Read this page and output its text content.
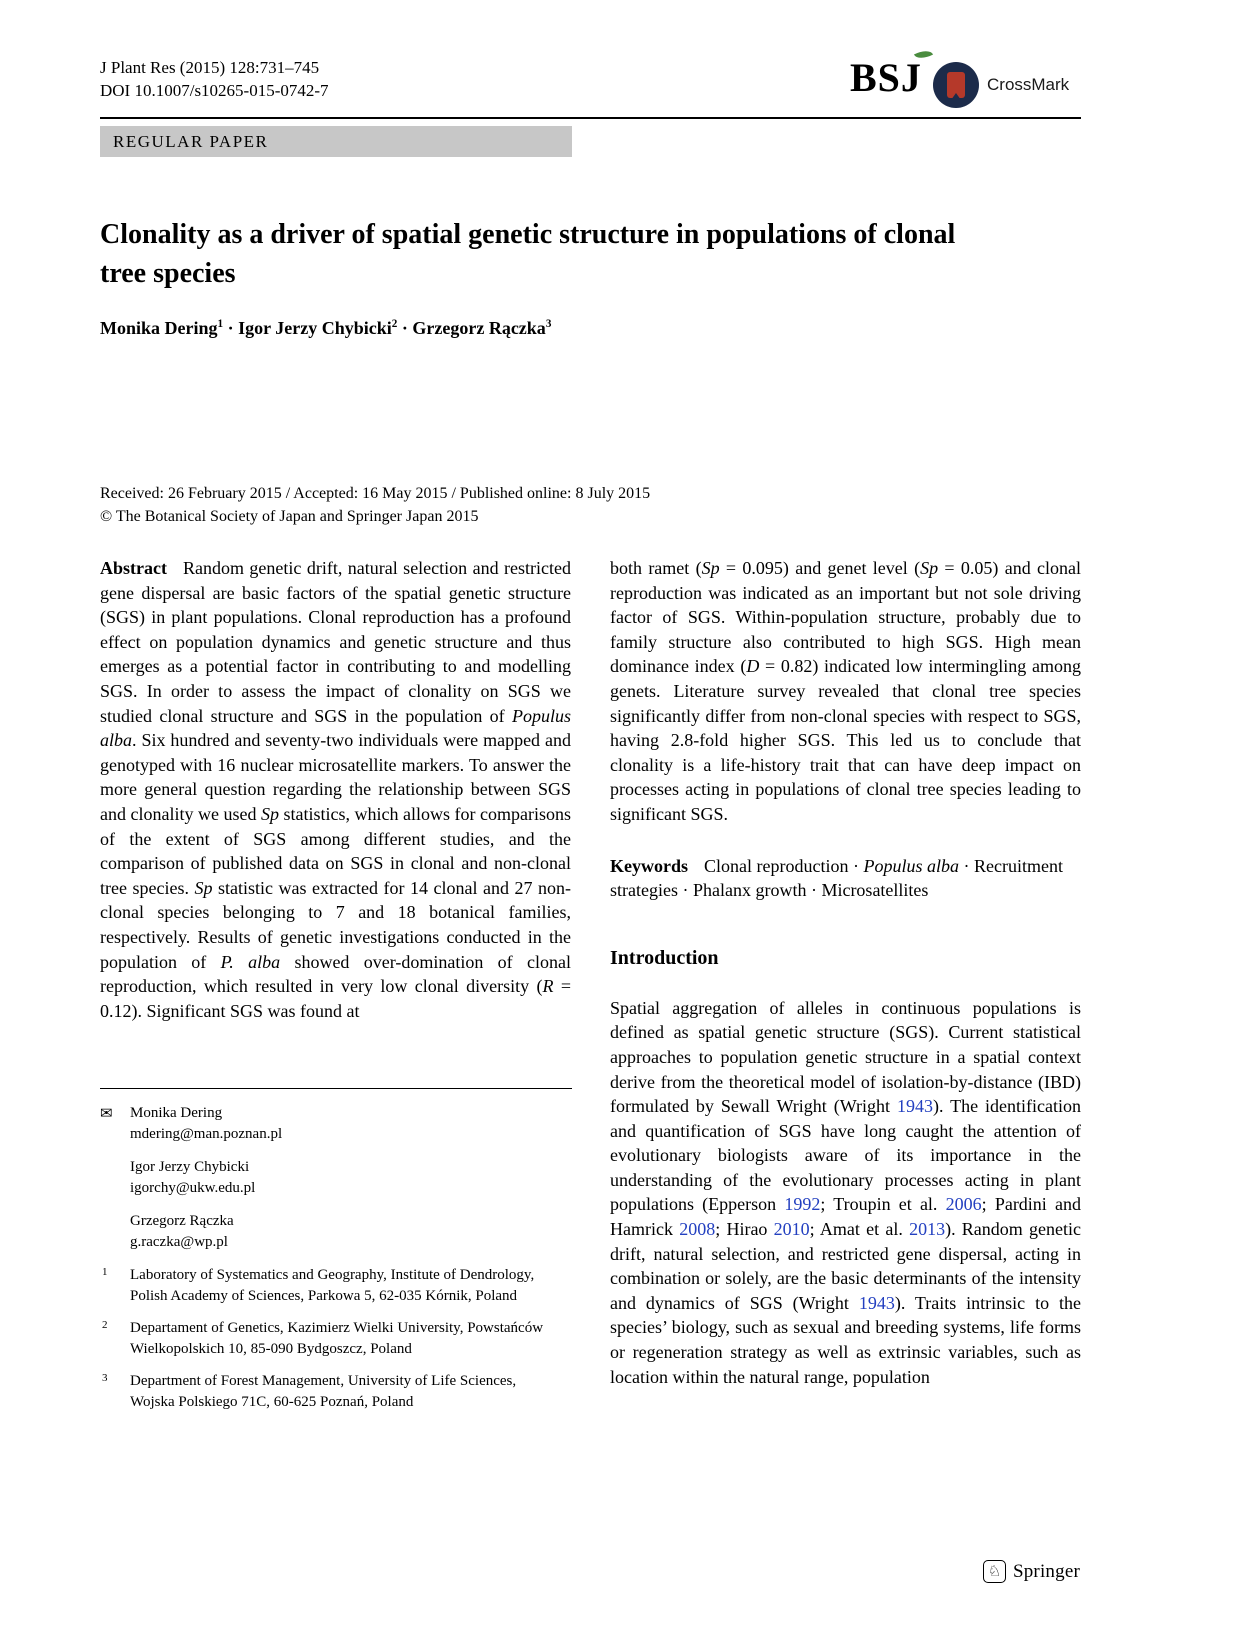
J Plant Res (2015) 128:731–745
DOI 10.1007/s10265-015-0742-7	BSJ	CrossMark
REGULAR PAPER
Clonality as a driver of spatial genetic structure in populations of clonal tree species
Monika Dering$^1$ · Igor Jerzy Chybicki$^2$ · Grzegorz Rączka$^3$
Received: 26 February 2015 / Accepted: 16 May 2015 / Published online: 8 July 2015
© The Botanical Society of Japan and Springer Japan 2015

Abstract Random genetic drift, natural selection and restricted gene dispersal are basic factors of the spatial genetic structure (SGS) in plant populations. Clonal reproduction has a profound effect on population dynamics and genetic structure and thus emerges as a potential factor in contributing to and modelling SGS. In order to assess the impact of clonality on SGS we studied clonal structure and SGS in the population of Populus alba. Six hundred and seventy-two individuals were mapped and genotyped with 16 nuclear microsatellite markers. To answer the more general question regarding the relationship between SGS and clonality we used Sp statistics, which allows for comparisons of the extent of SGS among different studies, and the comparison of published data on SGS in clonal and non-clonal tree species. Sp statistic was extracted for 14 clonal and 27 non-clonal species belonging to 7 and 18 botanical families, respectively. Results of genetic investigations conducted in the population of P. alba showed over-domination of clonal reproduction, which resulted in very low clonal diversity (R = 0.12). Significant SGS was found at

both ramet (Sp = 0.095) and genet level (Sp = 0.05) and clonal reproduction was indicated as an important but not sole driving factor of SGS. Within-population structure, probably due to family structure also contributed to high SGS. High mean dominance index (D = 0.82) indicated low intermingling among genets. Literature survey revealed that clonal tree species significantly differ from non-clonal species with respect to SGS, having 2.8-fold higher SGS. This led us to conclude that clonality is a life-history trait that can have deep impact on processes acting in populations of clonal tree species leading to significant SGS.

Keywords Clonal reproduction · Populus alba · Recruitment strategies · Phalanx growth · Microsatellites

Introduction

Spatial aggregation of alleles in continuous populations is defined as spatial genetic structure (SGS). Current statistical approaches to population genetic structure in a spatial context derive from the theoretical model of isolation-by-distance (IBD) formulated by Sewall Wright (Wright 1943). The identification and quantification of SGS have long caught the attention of evolutionary biologists aware of its importance in the understanding of the evolutionary processes acting in plant populations (Epperson 1992; Troupin et al. 2006; Pardini and Hamrick 2008; Hirao 2010; Amat et al. 2013). Random genetic drift, natural selection, and restricted gene dispersal, acting in combination or solely, are the basic determinants of the intensity and dynamics of SGS (Wright 1943). Traits intrinsic to the species’ biology, such as sexual and breeding systems, life forms or regeneration strategy as well as extrinsic variables, such as location within the natural range, population

✉ Monika Dering
mdering@man.poznan.pl
Igor Jerzy Chybicki
igorchy@ukw.edu.pl
Grzegorz Rączka
g.raczka@wp.pl
1 Laboratory of Systematics and Geography, Institute of Dendrology, Polish Academy of Sciences, Parkowa 5, 62-035 Kórnik, Poland
2 Departament of Genetics, Kazimierz Wielki University, Powstańców Wielkopolskich 10, 85-090 Bydgoszcz, Poland
3 Department of Forest Management, University of Life Sciences, Wojska Polskiego 71C, 60-625 Poznań, Poland
♘ Springer
